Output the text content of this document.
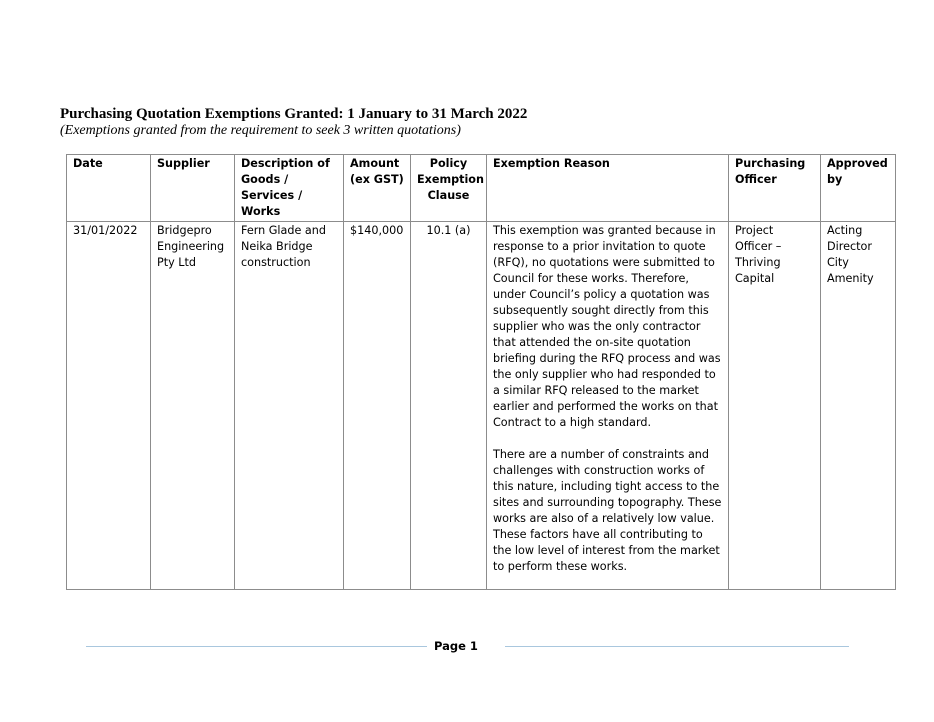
Purchasing Quotation Exemptions Granted: 1 January to 31 March 2022
(Exemptions granted from the requirement to seek 3 written quotations)
Date	Supplier	Description of Goods / Services / Works	Amount (ex GST)	Policy Exemption Clause	Exemption Reason	Purchasing Officer	Approved by
31/01/2022	Bridgepro Engineering Pty Ltd	Fern Glade and Neika Bridge construction	$140,000	10.1 (a)	This exemption was granted because in response to a prior invitation to quote (RFQ), no quotations were submitted to Council for these works. Therefore, under Council’s policy a quotation was subsequently sought directly from this supplier who was the only contractor that attended the on-site quotation briefing during the RFQ process and was the only supplier who had responded to a similar RFQ released to the market earlier and performed the works on that Contract to a high standard.

There are a number of constraints and challenges with construction works of this nature, including tight access to the sites and surrounding topography. These works are also of a relatively low value. These factors have all contributing to the low level of interest from the market to perform these works.	Project Officer – Thriving Capital	Acting Director City Amenity
Page 1
